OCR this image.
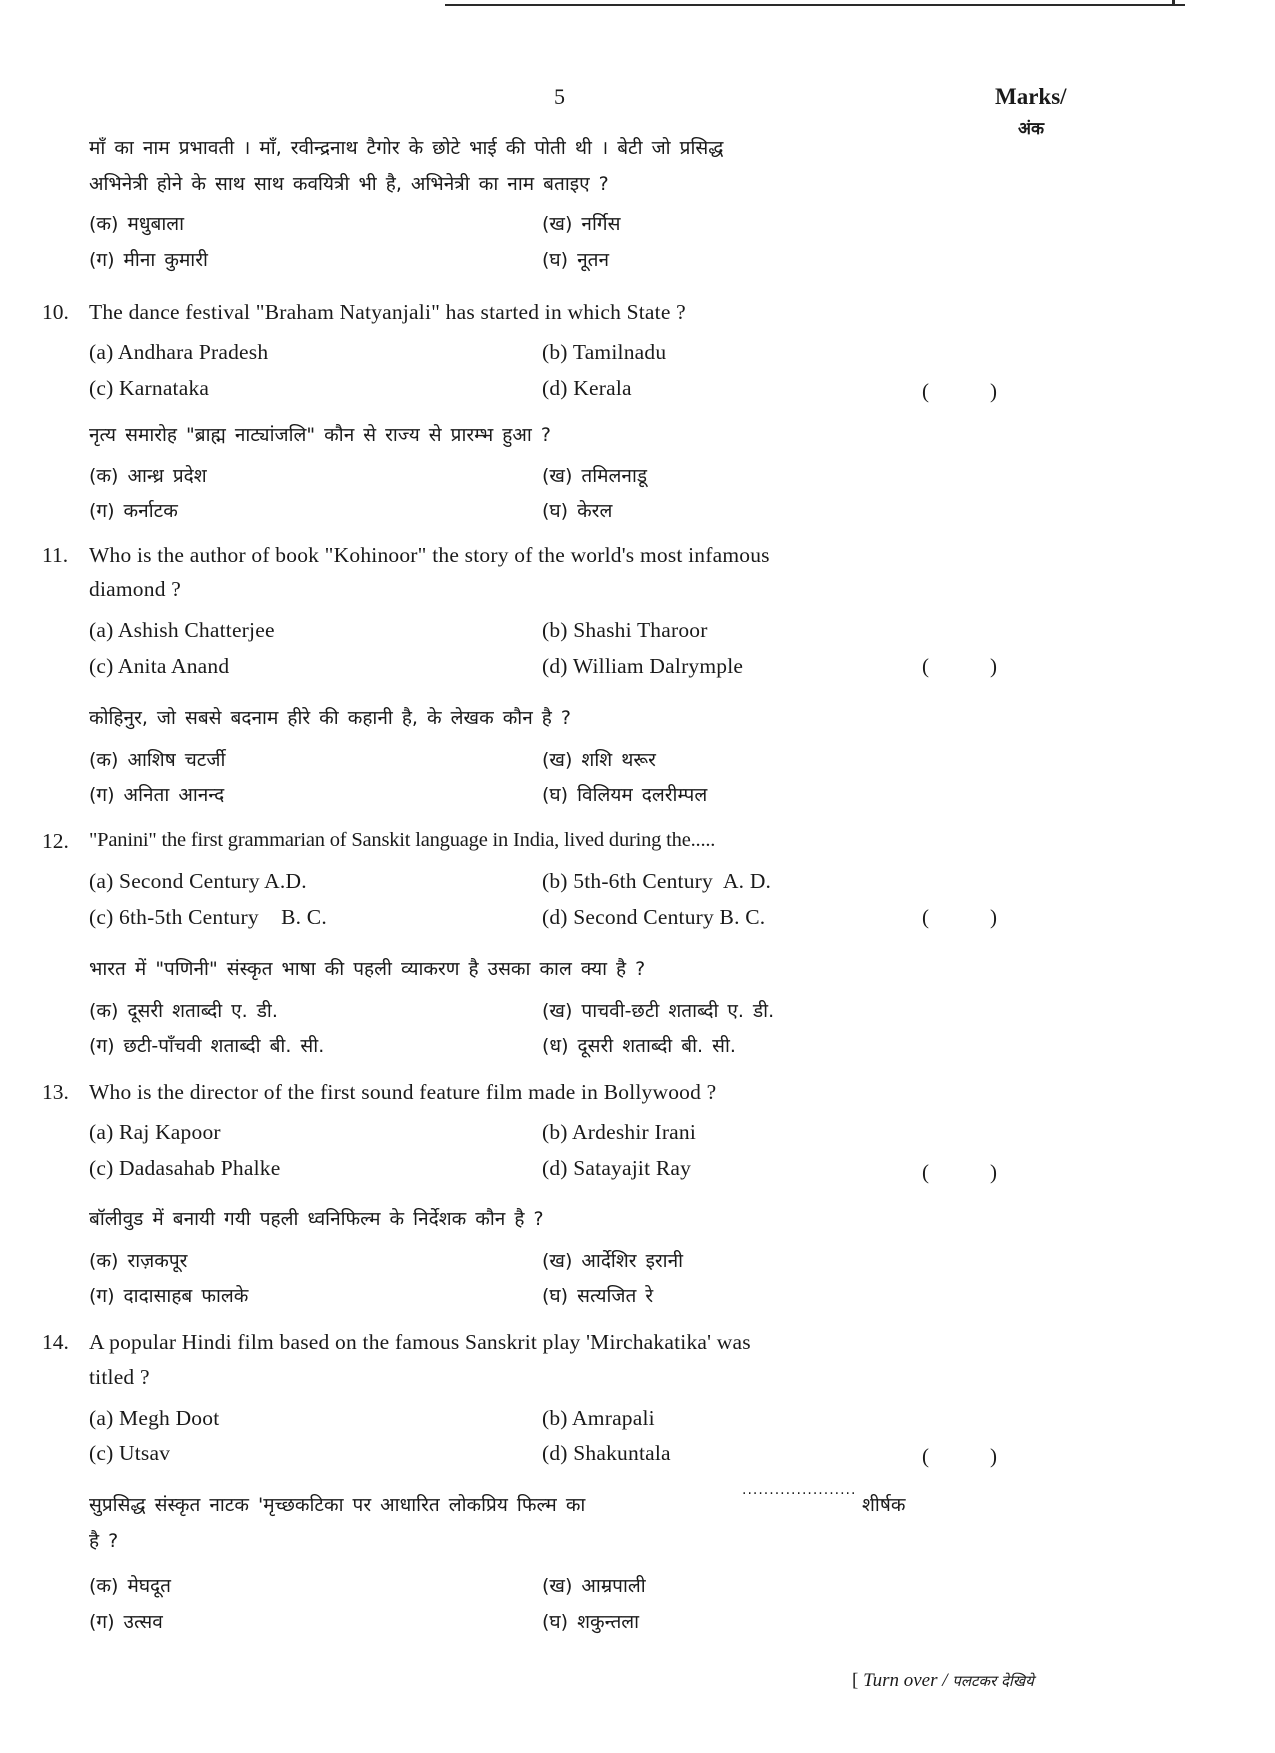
5	Marks/
अंक
माँ का नाम प्रभावती । माँ, रवीन्द्रनाथ टैगोर के छोटे भाई की पोती थी । बेटी जो प्रसिद्ध
अभिनेत्री होने के साथ साथ कवयित्री भी है, अभिनेत्री का नाम बताइए ?
(क) मधुबाला	(ख) नर्गिस
(ग) मीना कुमारी	(घ) नूतन
10. The dance festival "Braham Natyanjali" has started in which State ?
(a) Andhara Pradesh	(b) Tamilnadu
(c) Karnataka	(d) Kerala	(	)
नृत्य समारोह "ब्राह्म नाट्यांजलि" कौन से राज्य से प्रारम्भ हुआ ?
(क) आन्ध्र प्रदेश	(ख) तमिलनाडू
(ग) कर्नाटक	(घ) केरल
11. Who is the author of book "Kohinoor" the story of the world's most infamous
diamond ?
(a) Ashish Chatterjee	(b) Shashi Tharoor
(c) Anita Anand	(d) William Dalrymple	(	)
कोहिनुर, जो सबसे बदनाम हीरे की कहानी है, के लेखक कौन है ?
(क) आशिष चटर्जी	(ख) शशि थरूर
(ग) अनिता आनन्द	(घ) विलियम दलरीम्पल
12. "Panini" the first grammarian of Sanskit language in India, lived during the.....
(a) Second Century A.D.	(b) 5th-6th Century  A. D.
(c) 6th-5th Century    B. C.	(d) Second Century B. C.	(	)
भारत में "पणिनी" संस्कृत भाषा की पहली व्याकरण है उसका काल क्या है ?
(क) दूसरी शताब्दी ए. डी.	(ख) पाचवी-छटी शताब्दी ए. डी.
(ग) छटी-पाँचवी शताब्दी बी. सी.	(ध) दूसरी शताब्दी बी. सी.
13. Who is the director of the first sound feature film made in Bollywood ?
(a) Raj Kapoor	(b) Ardeshir Irani
(c) Dadasahab Phalke	(d) Satayajit Ray	(	)
बॉलीवुड में बनायी गयी पहली ध्वनिफिल्म के निर्देशक कौन है ?
(क) राज़कपूर	(ख) आर्देशिर इरानी
(ग) दादासाहब फालके	(घ) सत्यजित रे
14. A popular Hindi film based on the famous Sanskrit play 'Mirchakatika' was
titled ?
(a) Megh Doot	(b) Amrapali
(c) Utsav	(d) Shakuntala	(	)
सुप्रसिद्ध संस्कृत नाटक 'मृच्छकटिका पर आधारित लोकप्रिय फिल्म का	····················· शीर्षक
है ?
(क) मेघदूत	(ख) आम्रपाली
(ग) उत्सव	(घ) शकुन्तला
[ Turn over / पलटकर देखिये
